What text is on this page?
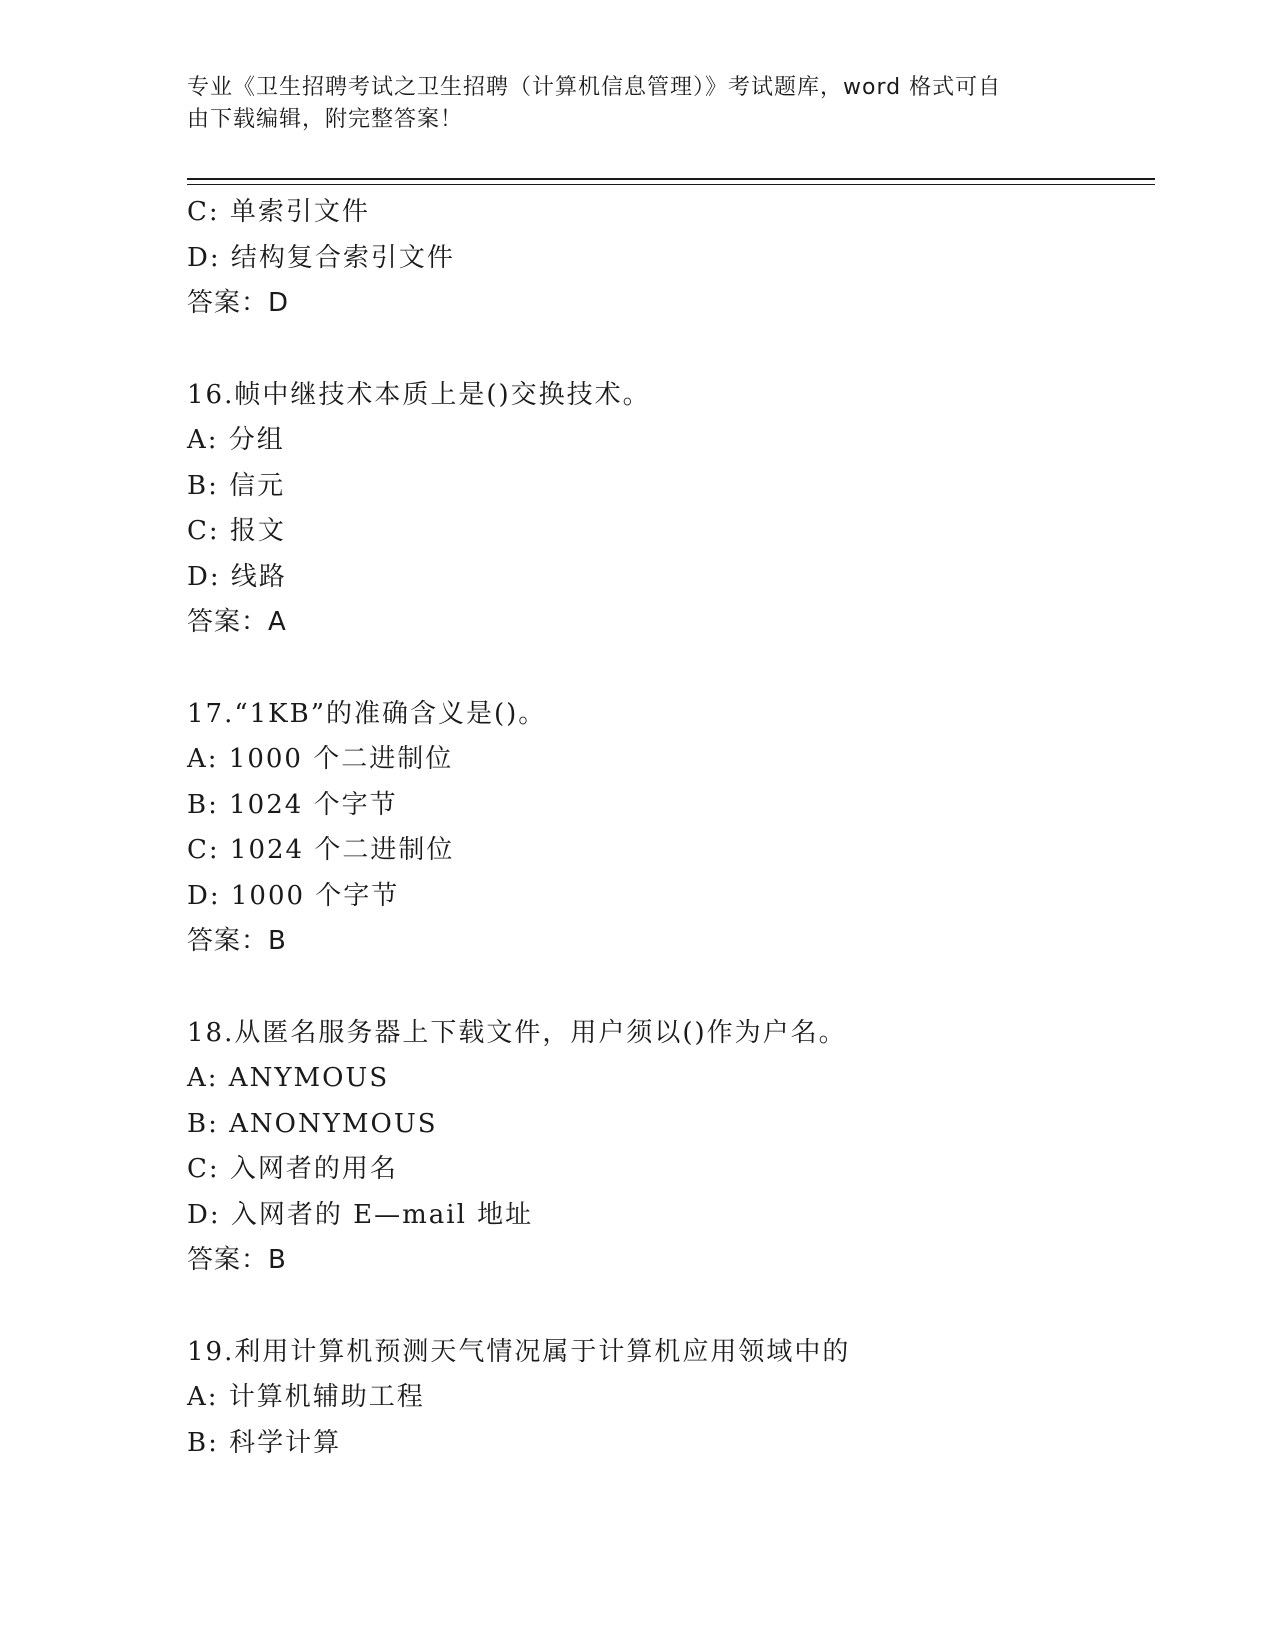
专业《卫生招聘考试之卫生招聘（计算机信息管理）》考试题库，word 格式可自
由下载编辑，附完整答案！
C: 单索引文件
D: 结构复合索引文件
答案：D
16.帧中继技术本质上是()交换技术。
A: 分组
B: 信元
C: 报文
D: 线路
答案：A
17.“1KB”的准确含义是()。
A: 1000 个二进制位
B: 1024 个字节
C: 1024 个二进制位
D: 1000 个字节
答案：B
18.从匿名服务器上下载文件，用户须以()作为户名。
A: ANYMOUS
B: ANONYMOUS
C: 入网者的用名
D: 入网者的 E—mail 地址
答案：B
19.利用计算机预测天气情况属于计算机应用领域中的
A: 计算机辅助工程
B: 科学计算
